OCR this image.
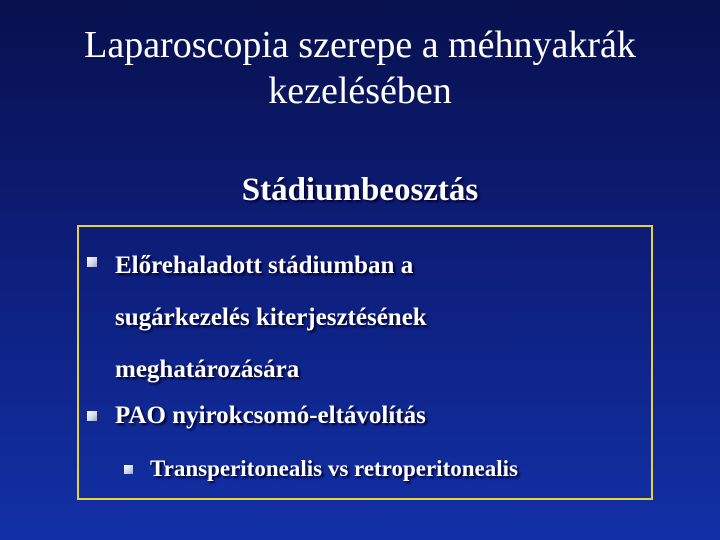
Laparoscopia szerepe a méhnyakrák
kezelésében
Stádiumbeosztás
Előrehaladott stádiumban a
sugárkezelés kiterjesztésének
meghatározására
PAO nyirokcsomó-eltávolítás
Transperitonealis vs retroperitonealis
